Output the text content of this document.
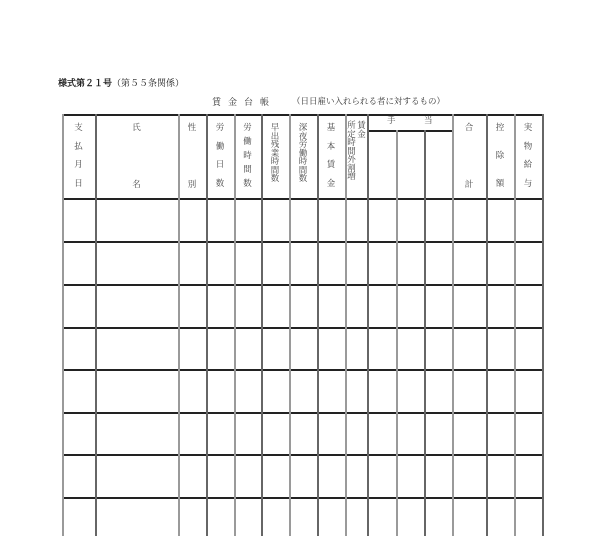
様式第２１号（第５５条関係）
賃金台帳 （日日雇い入れられる者に対するもの）
支
払
月
日
氏
名
性
別
労
働
日
数
労
働
時
間
数
早
出
残
業
時
間
数
深
夜
労
働
時
間
数
基
本
賃
金
所
定
時
間
外
割
増
賃
金
手	当
合
計
控
除
額
実
物
給
与
